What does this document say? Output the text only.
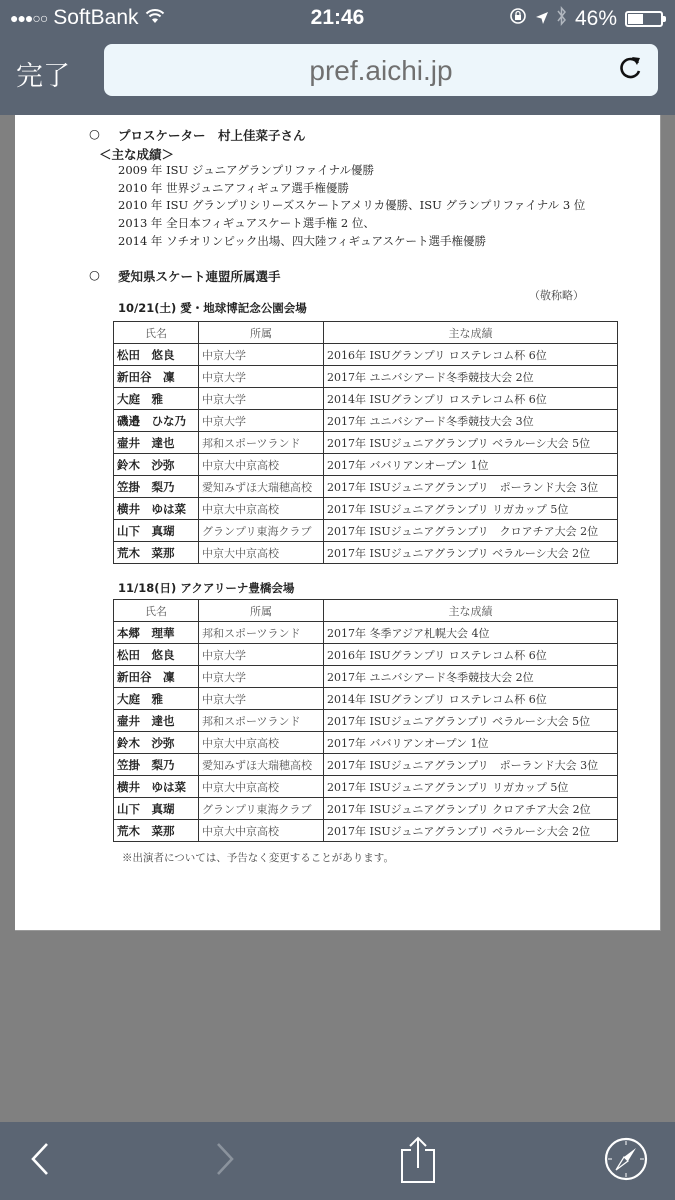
●●●○○ SoftBank	21:46	46%
完了	pref.aichi.jp
○ プロスケーター　村上佳菜子さん
＜主な成績＞
2009 年 ISU ジュニアグランプリファイナル優勝
2010 年 世界ジュニアフィギュア選手権優勝
2010 年 ISU グランプリシリーズスケートアメリカ優勝、ISU グランプリファイナル 3 位
2013 年 全日本フィギュアスケート選手権 2 位、
2014 年 ソチオリンピック出場、四大陸フィギュアスケート選手権優勝
○ 愛知県スケート連盟所属選手
（敬称略）
10/21(土) 愛・地球博記念公園会場
氏名	所属	主な成績
松田　悠良	中京大学	2016年 ISUグランプリ ロステレコム杯 6位
新田谷　凜	中京大学	2017年 ユニバシアード冬季競技大会 2位
大庭　雅	中京大学	2014年 ISUグランプリ ロステレコム杯 6位
磯邉　ひな乃	中京大学	2017年 ユニバシアード冬季競技大会 3位
壷井　達也	邦和スポーツランド	2017年 ISUジュニアグランプリ ベラルーシ大会 5位
鈴木　沙弥	中京大中京高校	2017年 ババリアンオープン 1位
笠掛　梨乃	愛知みずほ大瑞穂高校	2017年 ISUジュニアグランプリ　ポーランド大会 3位
横井　ゆは菜	中京大中京高校	2017年 ISUジュニアグランプリ リガカップ 5位
山下　真瑚	グランプリ東海クラブ	2017年 ISUジュニアグランプリ　クロアチア大会 2位
荒木　菜那	中京大中京高校	2017年 ISUジュニアグランプリ ベラルーシ大会 2位
11/18(日) アクアリーナ豊橋会場
氏名	所属	主な成績
本郷　理華	邦和スポーツランド	2017年 冬季アジア札幌大会 4位
松田　悠良	中京大学	2016年 ISUグランプリ ロステレコム杯 6位
新田谷　凜	中京大学	2017年 ユニバシアード冬季競技大会 2位
大庭　雅	中京大学	2014年 ISUグランプリ ロステレコム杯 6位
壷井　達也	邦和スポーツランド	2017年 ISUジュニアグランプリ ベラルーシ大会 5位
鈴木　沙弥	中京大中京高校	2017年 ババリアンオープン 1位
笠掛　梨乃	愛知みずほ大瑞穂高校	2017年 ISUジュニアグランプリ　ポーランド大会 3位
横井　ゆは菜	中京大中京高校	2017年 ISUジュニアグランプリ リガカップ 5位
山下　真瑚	グランプリ東海クラブ	2017年 ISUジュニアグランプリ クロアチア大会 2位
荒木　菜那	中京大中京高校	2017年 ISUジュニアグランプリ ベラルーシ大会 2位
※出演者については、予告なく変更することがあります。
